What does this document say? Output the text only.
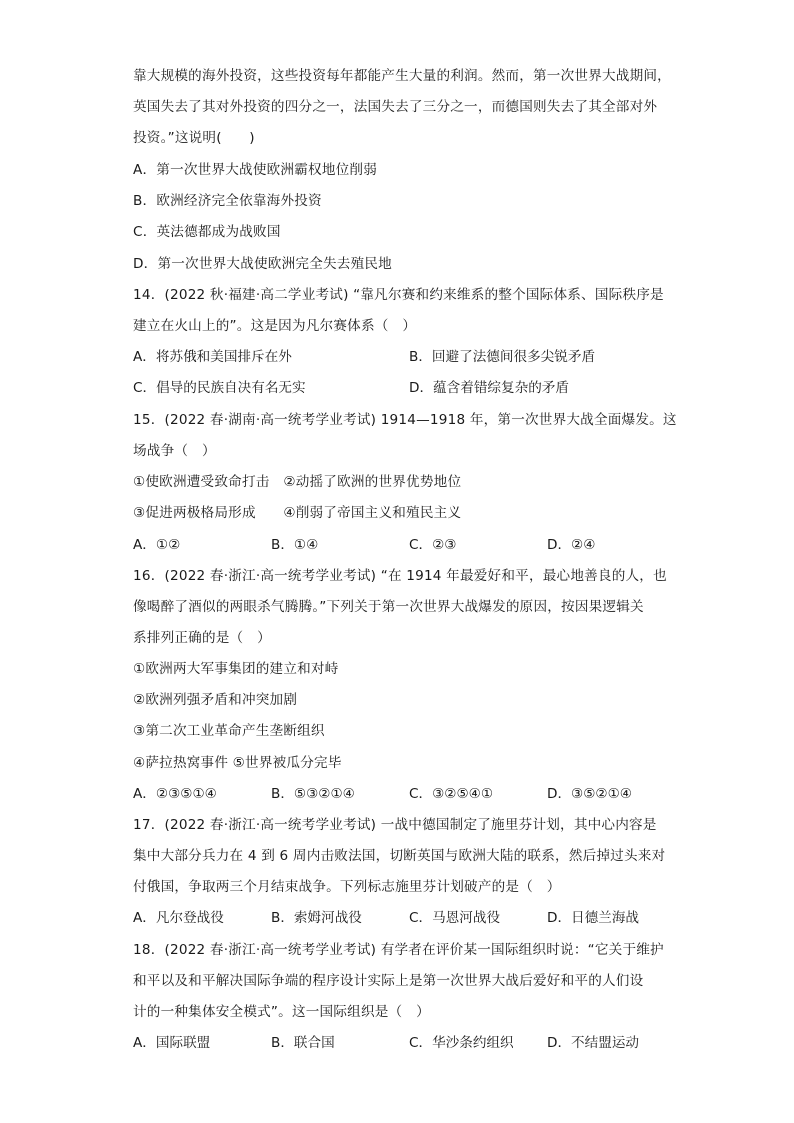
靠大规模的海外投资，这些投资每年都能产生大量的利润。然而，第一次世界大战期间，
英国失去了其对外投资的四分之一，法国失去了三分之一，而德国则失去了其全部对外
投资。”这说明(　　)
A．第一次世界大战使欧洲霸权地位削弱
B．欧洲经济完全依靠海外投资
C．英法德都成为战败国
D．第一次世界大战使欧洲完全失去殖民地
14．(2022 秋·福建·高二学业考试) “靠凡尔赛和约来维系的整个国际体系、国际秩序是
建立在火山上的”。这是因为凡尔赛体系（　）
A．将苏俄和美国排斥在外	B．回避了法德间很多尖锐矛盾
C．倡导的民族自决有名无实	D．蕴含着错综复杂的矛盾
15．(2022 春·湖南·高一统考学业考试) 1914—1918 年，第一次世界大战全面爆发。这
场战争（　）
①使欧洲遭受致命打击　②动摇了欧洲的世界优势地位
③促进两极格局形成　　④削弱了帝国主义和殖民主义
A．①②	B．①④	C．②③	D．②④
16．(2022 春·浙江·高一统考学业考试) “在 1914 年最爱好和平，最心地善良的人，也
像喝醉了酒似的两眼杀气腾腾。”下列关于第一次世界大战爆发的原因，按因果逻辑关
系排列正确的是（　）
①欧洲两大军事集团的建立和对峙
②欧洲列强矛盾和冲突加剧
③第二次工业革命产生垄断组织
④萨拉热窝事件 ⑤世界被瓜分完毕
A．②③⑤①④	B．⑤③②①④	C．③②⑤④①	D．③⑤②①④
17．(2022 春·浙江·高一统考学业考试) 一战中德国制定了施里芬计划，其中心内容是
集中大部分兵力在 4 到 6 周内击败法国，切断英国与欧洲大陆的联系，然后掉过头来对
付俄国，争取两三个月结束战争。下列标志施里芬计划破产的是（　）
A．凡尔登战役	B．索姆河战役	C．马恩河战役	D．日德兰海战
18．(2022 春·浙江·高一统考学业考试) 有学者在评价某一国际组织时说：“它关于维护
和平以及和平解决国际争端的程序设计实际上是第一次世界大战后爱好和平的人们设
计的一种集体安全模式”。这一国际组织是（　）
A．国际联盟	B．联合国	C．华沙条约组织 D．不结盟运动
